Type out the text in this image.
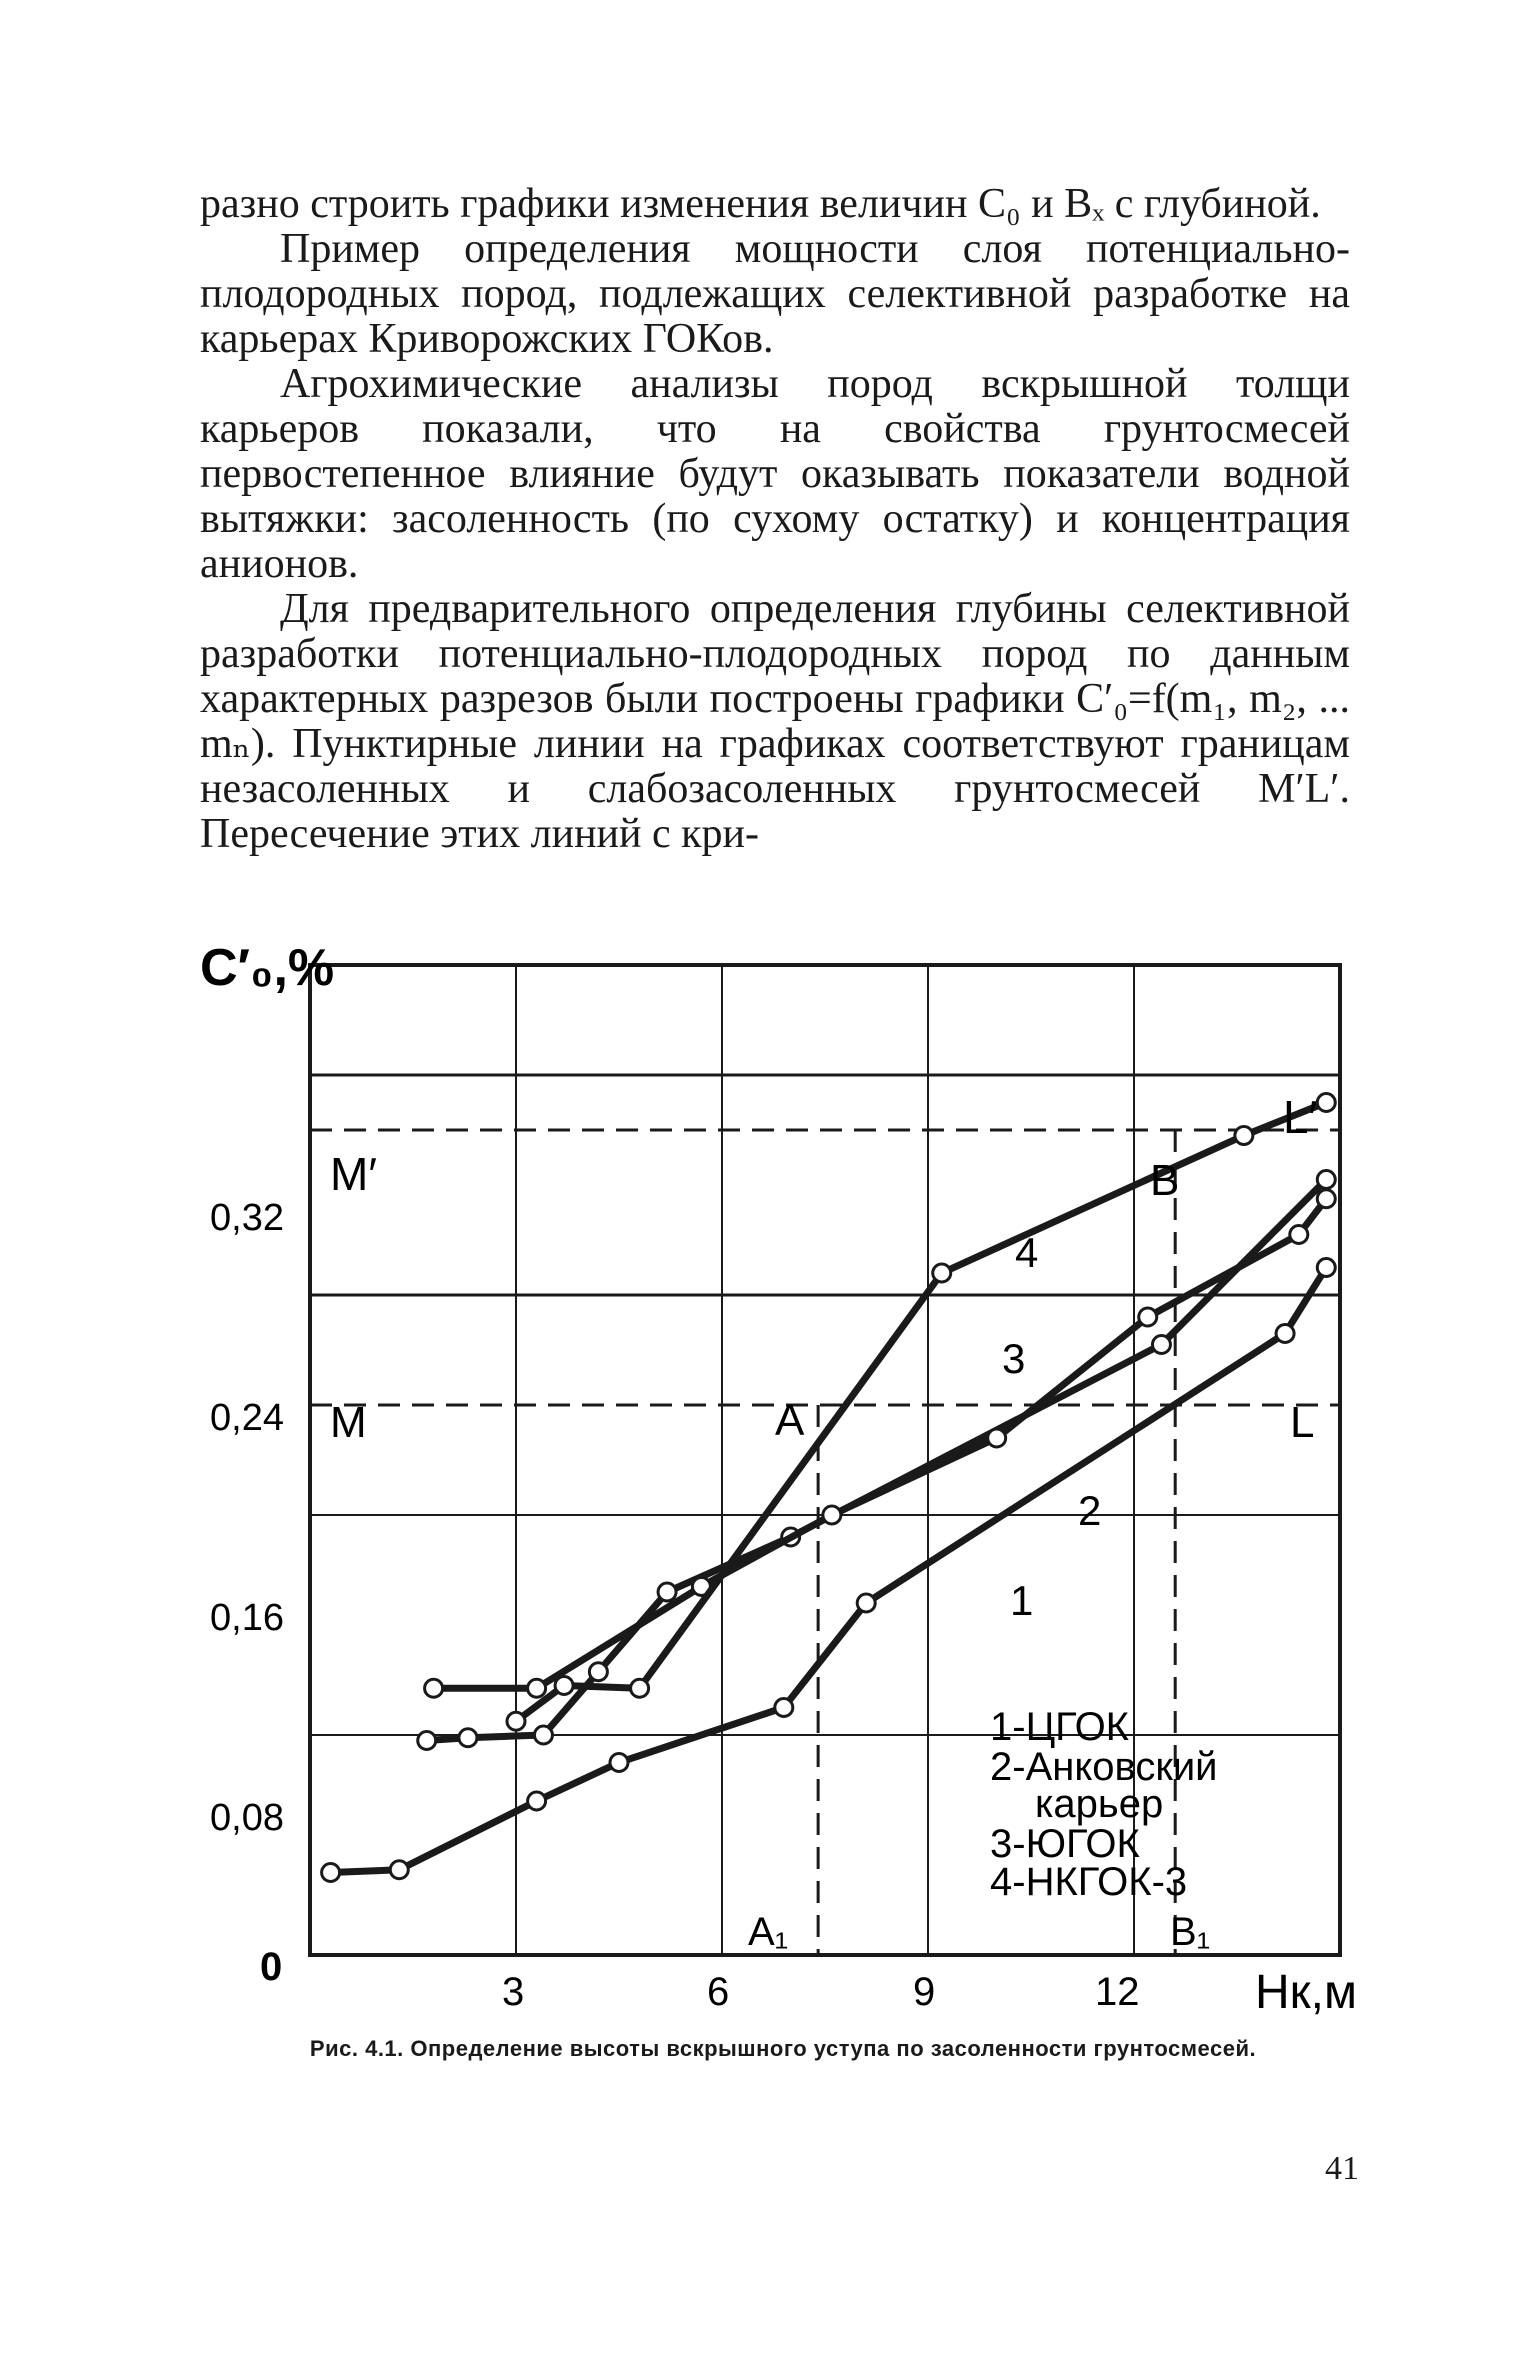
разно строить графики изменения величин C₀ и Bₓ с глубиной.

Пример определения мощности слоя потенциально-плодородных пород, подлежащих селективной разработке на карьерах Криворожских ГОКов.

Агрохимические анализы пород вскрышной толщи карьеров показали, что на свойства грунтосмесей первостепенное влияние будут оказывать показатели водной вытяжки: засоленность (по сухому остатку) и концентрация анионов.

Для предварительного определения глубины селективной разработки потенциально-плодородных пород по данным характерных разрезов были построены графики C′₀=f(m₁, m₂, ... mₙ). Пунктирные линии на графиках соответствуют границам незасоленных и слабозасоленных грунтосмесей M′L′. Пересечение этих линий с кри-

C′₀,%
Hк,м
0
0,08
0,16
0,24
0,32
3	6	9	12
M′
L′
M	L
A
A₁
B
B₁
1
2
3
4
1-ЦГОК
2-Анковский
карьер
3-ЮГОК
4-НКГОК-3
Рис. 4.1. Определение высоты вскрышного уступа по засоленности грунтосмесей.
41
